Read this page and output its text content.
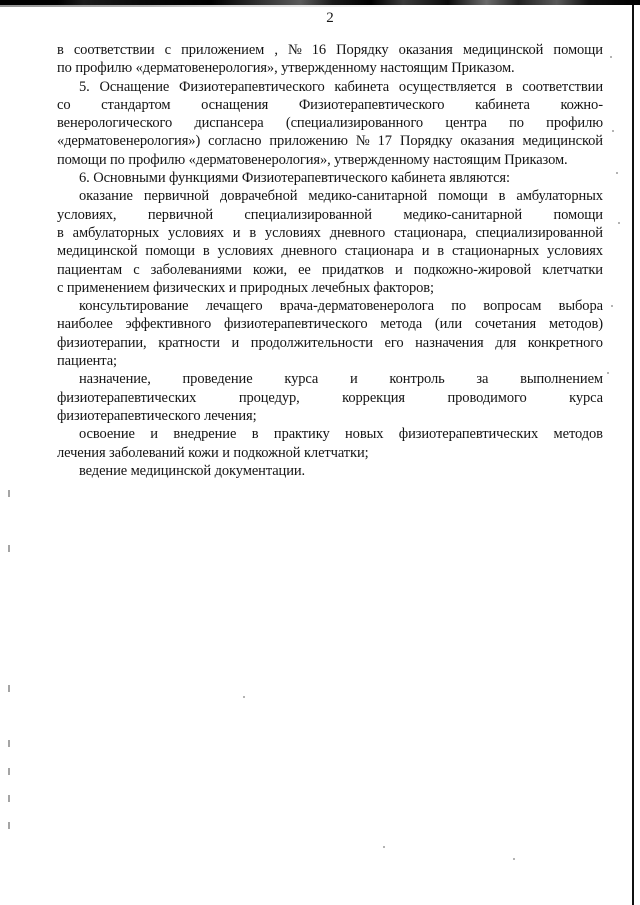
2
в соответствии с приложением , № 16 Порядку оказания медицинской помощи
по профилю «дерматовенерология», утвержденному настоящим Приказом.
5. Оснащение Физиотерапевтического кабинета осуществляется в соответствии
со стандартом оснащения Физиотерапевтического кабинета кожно-
венерологического диспансера (специализированного центра по профилю
«дерматовенерология») согласно приложению № 17 Порядку оказания медицинской
помощи по профилю «дерматовенерология», утвержденному настоящим Приказом.
6. Основными функциями Физиотерапевтического кабинета являются:
оказание первичной доврачебной медико-санитарной помощи в амбулаторных
условиях, первичной специализированной медико-санитарной помощи
в амбулаторных условиях и в условиях дневного стационара, специализированной
медицинской помощи в условиях дневного стационара и в стационарных условиях
пациентам с заболеваниями кожи, ее придатков и подкожно-жировой клетчатки
с применением физических и природных лечебных факторов;
консультирование лечащего врача-дерматовенеролога по вопросам выбора
наиболее эффективного физиотерапевтического метода (или сочетания методов)
физиотерапии, кратности и продолжительности его назначения для конкретного
пациента;
назначение, проведение курса и контроль за выполнением
физиотерапевтических	процедур,	коррекция	проводимого	курса
физиотерапевтического лечения;
освоение и внедрение в практику новых физиотерапевтических методов
лечения заболеваний кожи и подкожной клетчатки;
ведение медицинской документации.
